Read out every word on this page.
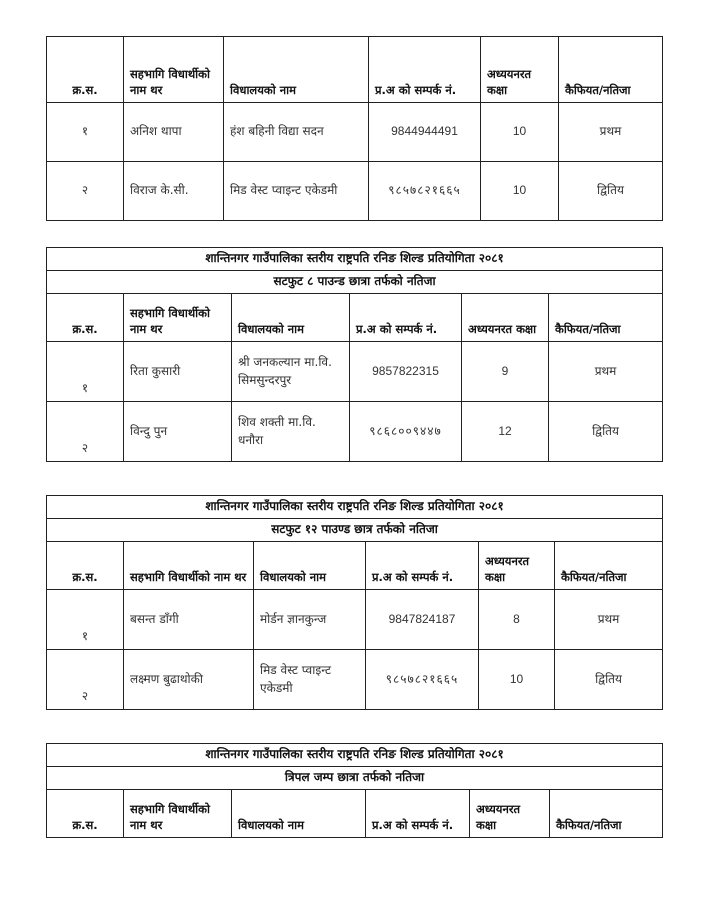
क्र.स.	सहभागि विधार्थीको नाम थर	विधालयको नाम	प्र.अ को सम्पर्क नं.	अध्ययनरत कक्षा	कैफियत/नतिजा
१	अनिश थापा	हंश बहिनी विद्या सदन	9844944491	10	प्रथम
२	विराज के.सी.	मिड वेस्ट प्वाइन्ट एकेडमी	९८५७८२१६६५	10	द्वितिय
शान्तिनगर गाउँपालिका स्तरीय राष्ट्रपति रनिङ शिल्ड प्रतियोगिता २०८१					
सटफुट ८ पाउन्ड छात्रा तर्फको नतिजा					
क्र.स.	सहभागि विधार्थीको नाम थर	विधालयको नाम	प्र.अ को सम्पर्क नं.	अध्ययनरत कक्षा	कैफियत/नतिजा
१	रिता कुसारी	श्री जनकल्यान मा.वि. सिमसुन्दरपुर	9857822315	9	प्रथम
२	विन्दु पुन	शिव शक्ती मा.वि. धनौरा	९८६८००९४४७	12	द्वितिय
शान्तिनगर गाउँपालिका स्तरीय राष्ट्रपति रनिङ शिल्ड प्रतियोगिता २०८१					
सटफुट १२ पाउण्ड छात्र तर्फको नतिजा					
क्र.स.	सहभागि विधार्थीको नाम थर	विधालयको नाम	प्र.अ को सम्पर्क नं.	अध्ययनरत कक्षा	कैफियत/नतिजा
१	बसन्त डाँगी	मोर्डन ज्ञानकुन्ज	9847824187	8	प्रथम
२	लक्ष्मण बुढाथोकी	मिड वेस्ट प्वाइन्ट एकेडमी	९८५७८२१६६५	10	द्वितिय
शान्तिनगर गाउँपालिका स्तरीय राष्ट्रपति रनिङ शिल्ड प्रतियोगिता २०८१
त्रिपल जम्प छात्रा तर्फको नतिजा
क्र.स.	सहभागि विधार्थीको नाम थर	विधालयको नाम	प्र.अ को सम्पर्क नं.	अध्ययनरत कक्षा	कैफियत/नतिजा
